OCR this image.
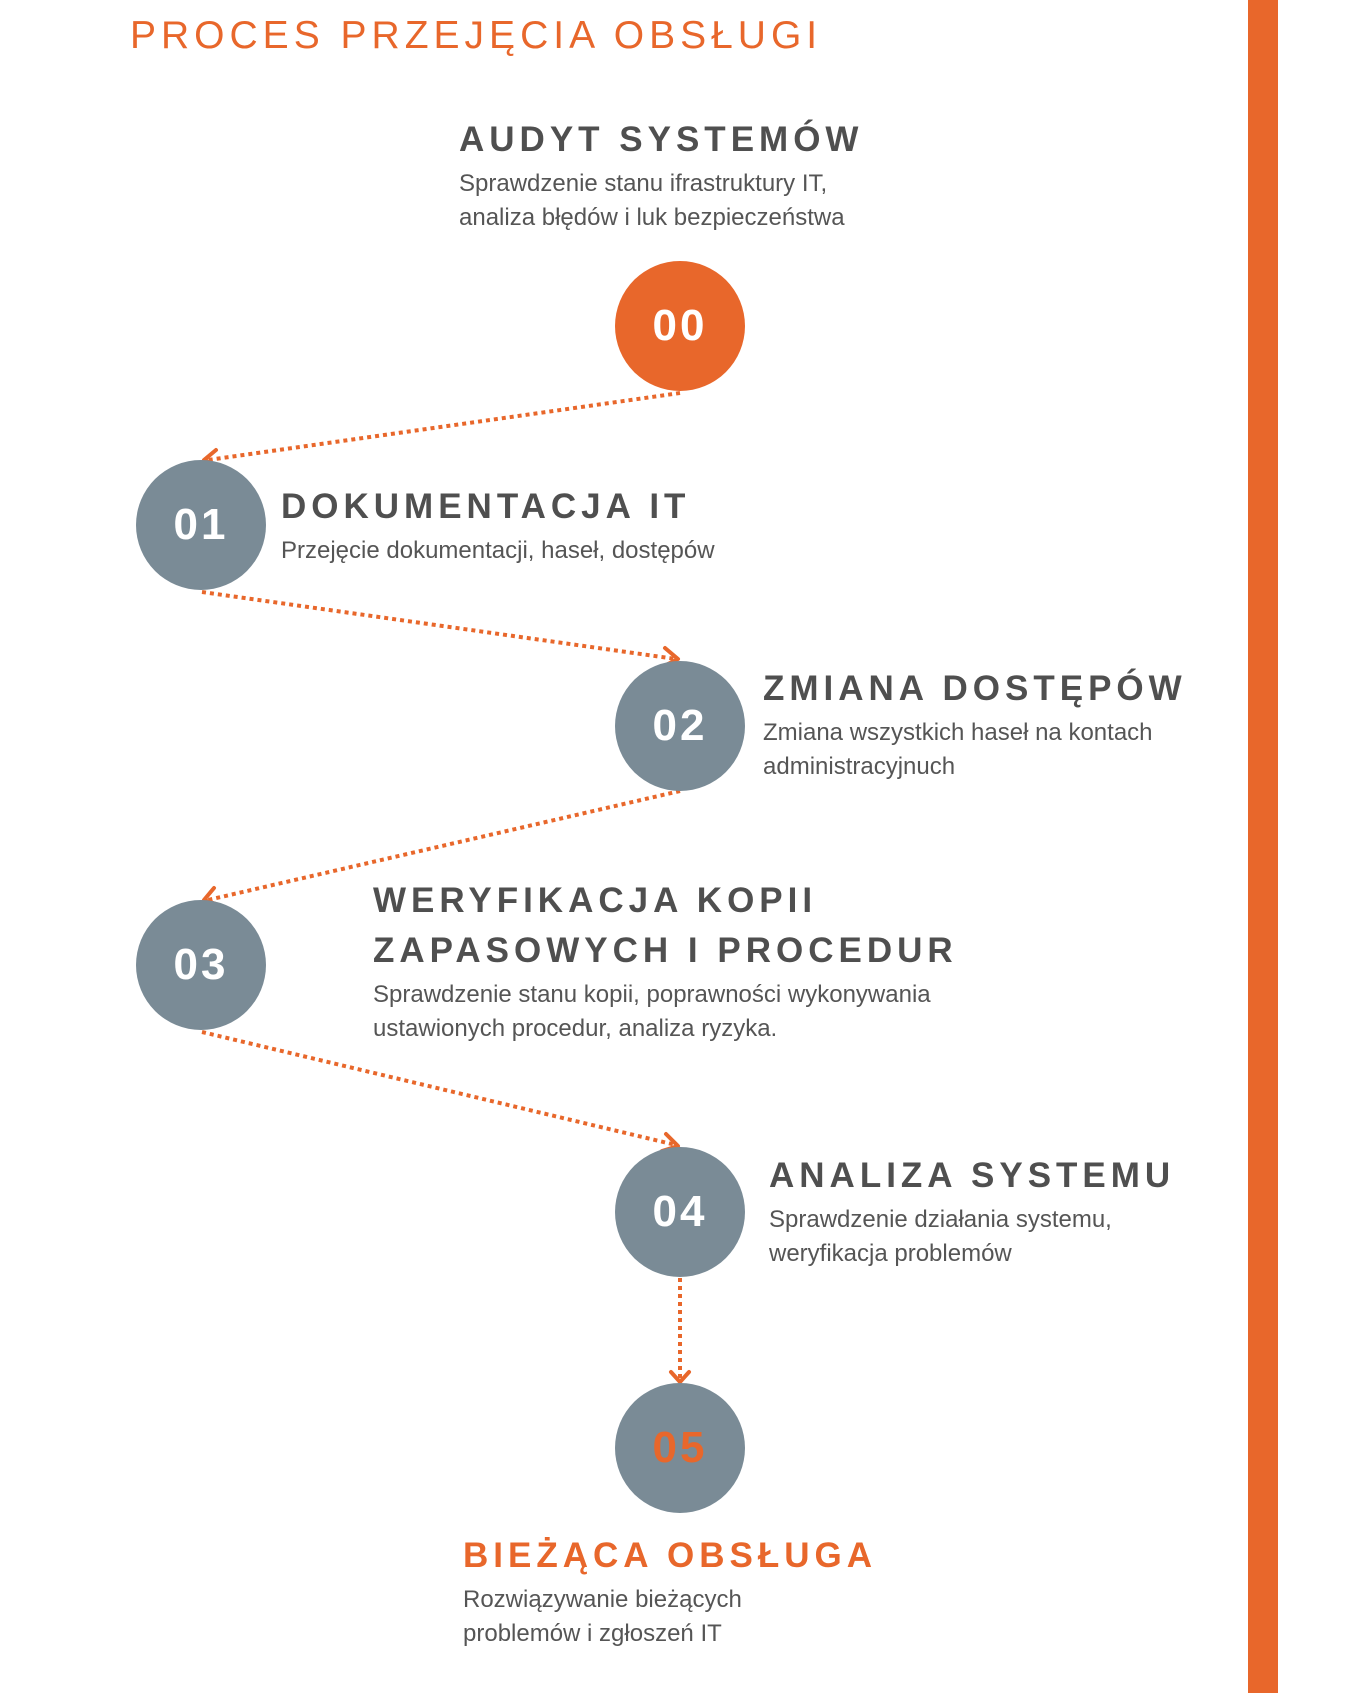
PROCES PRZEJĘCIA OBSŁUGI
AUDYT SYSTEMÓW

Sprawdzenie stanu ifrastruktury IT,
analiza błędów i luk bezpieczeństwa

00
01	DOKUMENTACJA IT

Przejęcie dokumentacji, haseł, dostępów

02
ZMIANA DOSTĘPÓW

Zmiana wszystkich haseł na kontach
administracyjnuch

03
WERYFIKACJA KOPII
ZAPASOWYCH I PROCEDUR

Sprawdzenie stanu kopii, poprawności wykonywania
ustawionych procedur, analiza ryzyka.

04
ANALIZA SYSTEMU

Sprawdzenie działania systemu,
weryfikacja problemów

05
BIEŻĄCA OBSŁUGA

Rozwiązywanie bieżących
problemów i zgłoszeń IT
